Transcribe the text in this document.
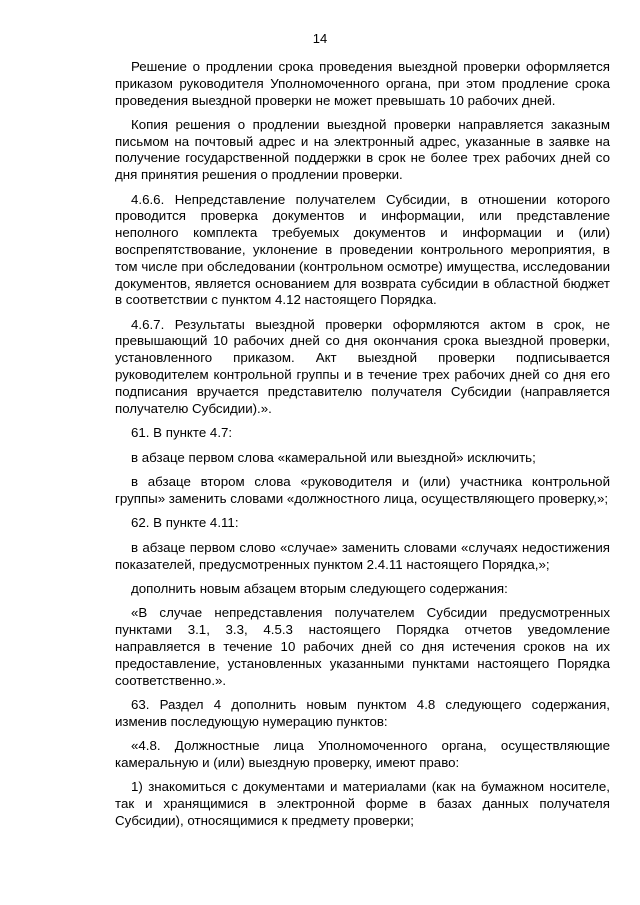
14

Решение о продлении срока проведения выездной проверки оформляется приказом руководителя Уполномоченного органа, при этом продление срока проведения выездной проверки не может превышать 10 рабочих дней.

Копия решения о продлении выездной проверки направляется заказным письмом на почтовый адрес и на электронный адрес, указанные в заявке на получение государственной поддержки в срок не более трех рабочих дней со дня принятия решения о продлении проверки.

4.6.6. Непредставление получателем Субсидии, в отношении которого проводится проверка документов и информации, или представление неполного комплекта требуемых документов и информации и (или) воспрепятствование, уклонение в проведении контрольного мероприятия, в том числе при обследовании (контрольном осмотре) имущества, исследовании документов, является основанием для возврата субсидии в областной бюджет в соответствии с пунктом 4.12 настоящего Порядка.

4.6.7. Результаты выездной проверки оформляются актом в срок, не превышающий 10 рабочих дней со дня окончания срока выездной проверки, установленного приказом. Акт выездной проверки подписывается руководителем контрольной группы и в течение трех рабочих дней со дня его подписания вручается представителю получателя Субсидии (направляется получателю Субсидии).».

61. В пункте 4.7:

в абзаце первом слова «камеральной или выездной» исключить;

в абзаце втором слова «руководителя и (или) участника контрольной группы» заменить словами «должностного лица, осуществляющего проверку,»;

62. В пункте 4.11:

в абзаце первом слово «случае» заменить словами «случаях недостижения показателей, предусмотренных пунктом 2.4.11 настоящего Порядка,»;

дополнить новым абзацем вторым следующего содержания:

«В случае непредставления получателем Субсидии предусмотренных пунктами 3.1, 3.3, 4.5.3 настоящего Порядка отчетов уведомление направляется в течение 10 рабочих дней со дня истечения сроков на их предоставление, установленных указанными пунктами настоящего Порядка соответственно.».

63. Раздел 4 дополнить новым пунктом 4.8 следующего содержания, изменив последующую нумерацию пунктов:

«4.8. Должностные лица Уполномоченного органа, осуществляющие камеральную и (или) выездную проверку, имеют право:

1) знакомиться с документами и материалами (как на бумажном носителе, так и хранящимися в электронной форме в базах данных получателя Субсидии), относящимися к предмету проверки;
